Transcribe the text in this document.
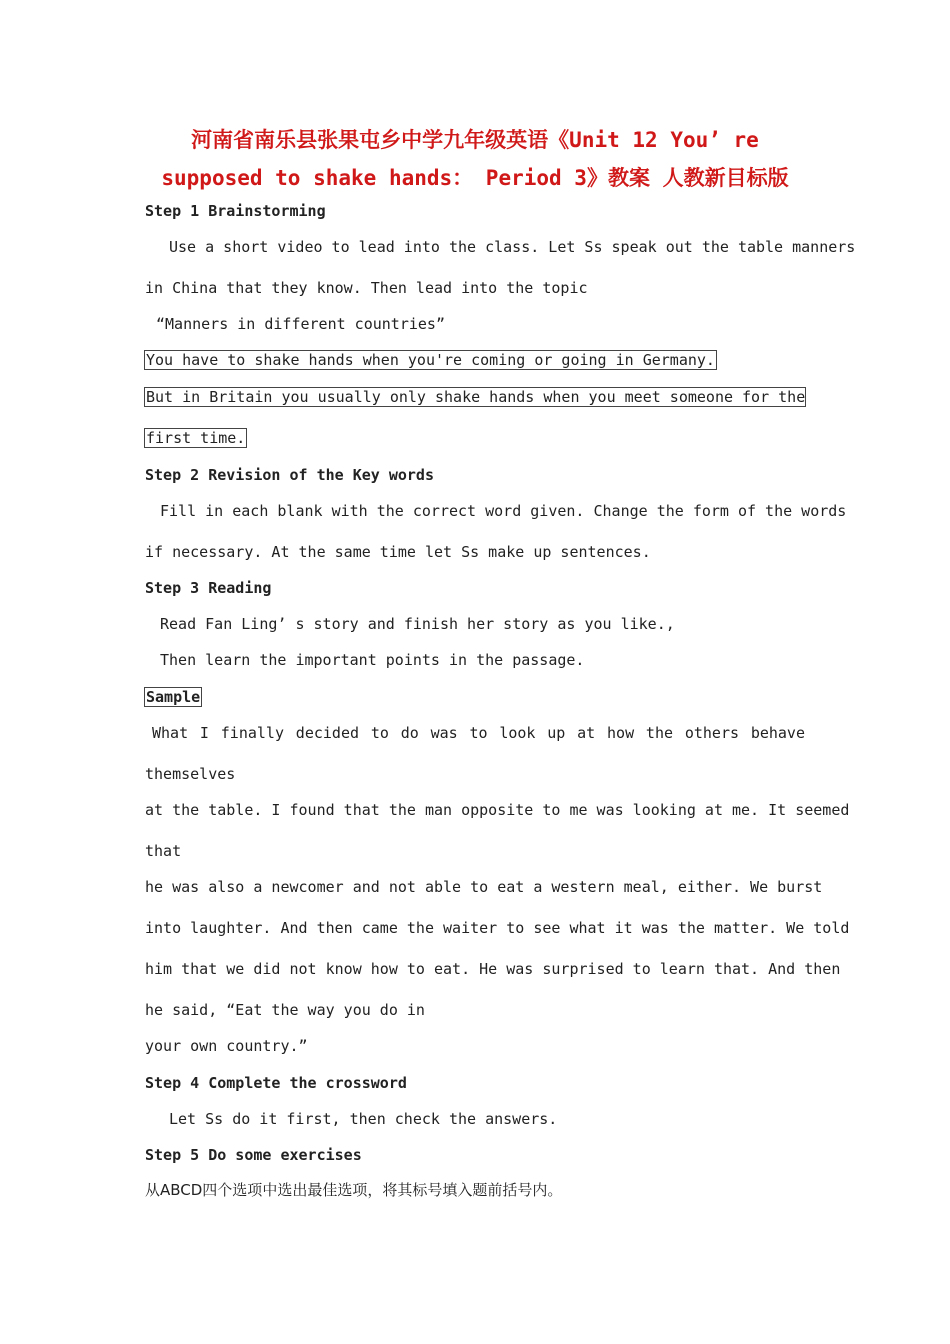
河南省南乐县张果屯乡中学九年级英语《Unit 12 You’ re
supposed to shake hands： Period 3》教案 人教新目标版
Step 1 Brainstorming
Use a short video to lead into the class. Let Ss speak out the table manners
in China that they know. Then lead into the topic
“Manners in different countries”
You have to shake hands when you're coming or going in Germany.
But in Britain you usually only shake hands when you meet someone for the
first time.
Step 2 Revision of the Key words
Fill in each blank with the correct word given. Change the form of the words
if necessary. At the same time let Ss make up sentences.
Step 3 Reading
Read Fan Ling’ s story and finish her story as you like.,
Then learn the important points in the passage.
Sample
What I finally decided to do was to look up at how the others behave
themselves
at the table. I found that the man opposite to me was looking at me. It seemed
that
he was also a newcomer and not able to eat a western meal, either. We burst
into laughter. And then came the waiter to see what it was the matter. We told
him that we did not know how to eat. He was surprised to learn that. And then
he said, “Eat the way you do in
your own country.”
Step 4 Complete the crossword
Let Ss do it first, then check the answers.
Step 5 Do some exercises
从ABCD四个选项中选出最佳选项，将其标号填入题前括号内。
